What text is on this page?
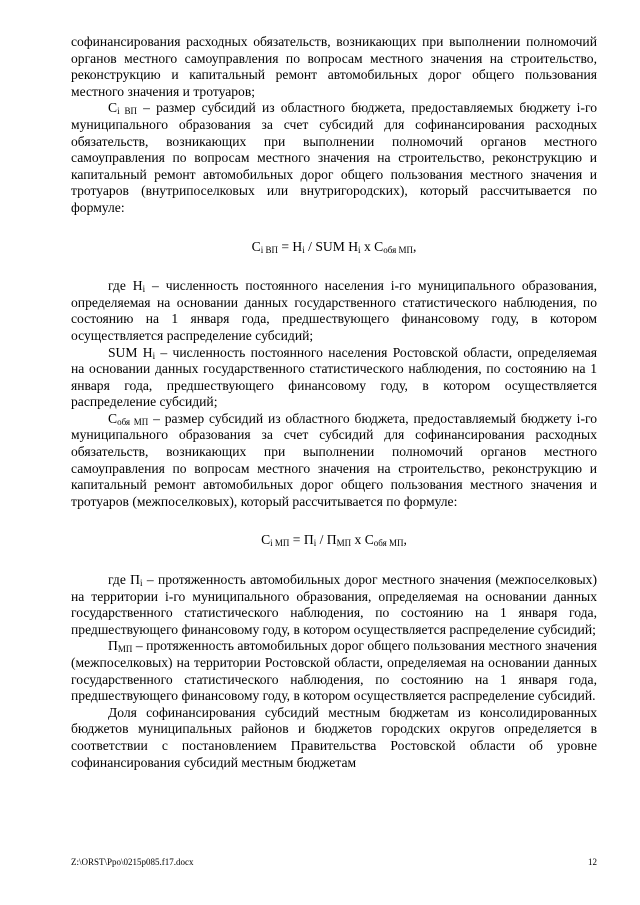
софинансирования расходных обязательств, возникающих при выполнении полномочий органов местного самоуправления по вопросам местного значения на строительство, реконструкцию и капитальный ремонт автомобильных дорог общего пользования местного значения и тротуаров;

$C_{i ВП}$ – размер субсидий из областного бюджета, предоставляемых бюджету i-го муниципального образования за счет субсидий для софинансирования расходных обязательств, возникающих при выполнении полномочий органов местного самоуправления по вопросам местного значения на строительство, реконструкцию и капитальный ремонт автомобильных дорог общего пользования местного значения и тротуаров (внутрипоселковых или внутригородских), который рассчитывается по формуле:

$C_{i ВП} = H_i$ / SUM $H_i$ x $C_{обя МП}$,

где $H_i$ – численность постоянного населения i-го муниципального образования, определяемая на основании данных государственного статистического наблюдения, по состоянию на 1 января года, предшествующего финансовому году, в котором осуществляется распределение субсидий;

SUM $H_i$ – численность постоянного населения Ростовской области, определяемая на основании данных государственного статистического наблюдения, по состоянию на 1 января года, предшествующего финансовому году, в котором осуществляется распределение субсидий;

$C_{обя МП}$ – размер субсидий из областного бюджета, предоставляемый бюджету i-го муниципального образования за счет субсидий для софинансирования расходных обязательств, возникающих при выполнении полномочий органов местного самоуправления по вопросам местного значения на строительство, реконструкцию и капитальный ремонт автомобильных дорог общего пользования местного значения и тротуаров (межпоселковых), который рассчитывается по формуле:

$C_{i МП} = П_i / П_{МП}$ x $C_{обя МП}$,

где $П_i$ – протяженность автомобильных дорог местного значения (межпоселковых) на территории i-го муниципального образования, определяемая на основании данных государственного статистического наблюдения, по состоянию на 1 января года, предшествующего финансовому году, в котором осуществляется распределение субсидий;

$П_{МП}$ – протяженность автомобильных дорог общего пользования местного значения (межпоселковых) на территории Ростовской области, определяемая на основании данных государственного статистического наблюдения, по состоянию на 1 января года, предшествующего финансовому году, в котором осуществляется распределение субсидий.

Доля софинансирования субсидий местным бюджетам из консолидированных бюджетов муниципальных районов и бюджетов городских округов определяется в соответствии с постановлением Правительства Ростовской области об уровне софинансирования субсидий местным бюджетам

Z:\ORST\Ppo\0215p085.f17.docx	12
